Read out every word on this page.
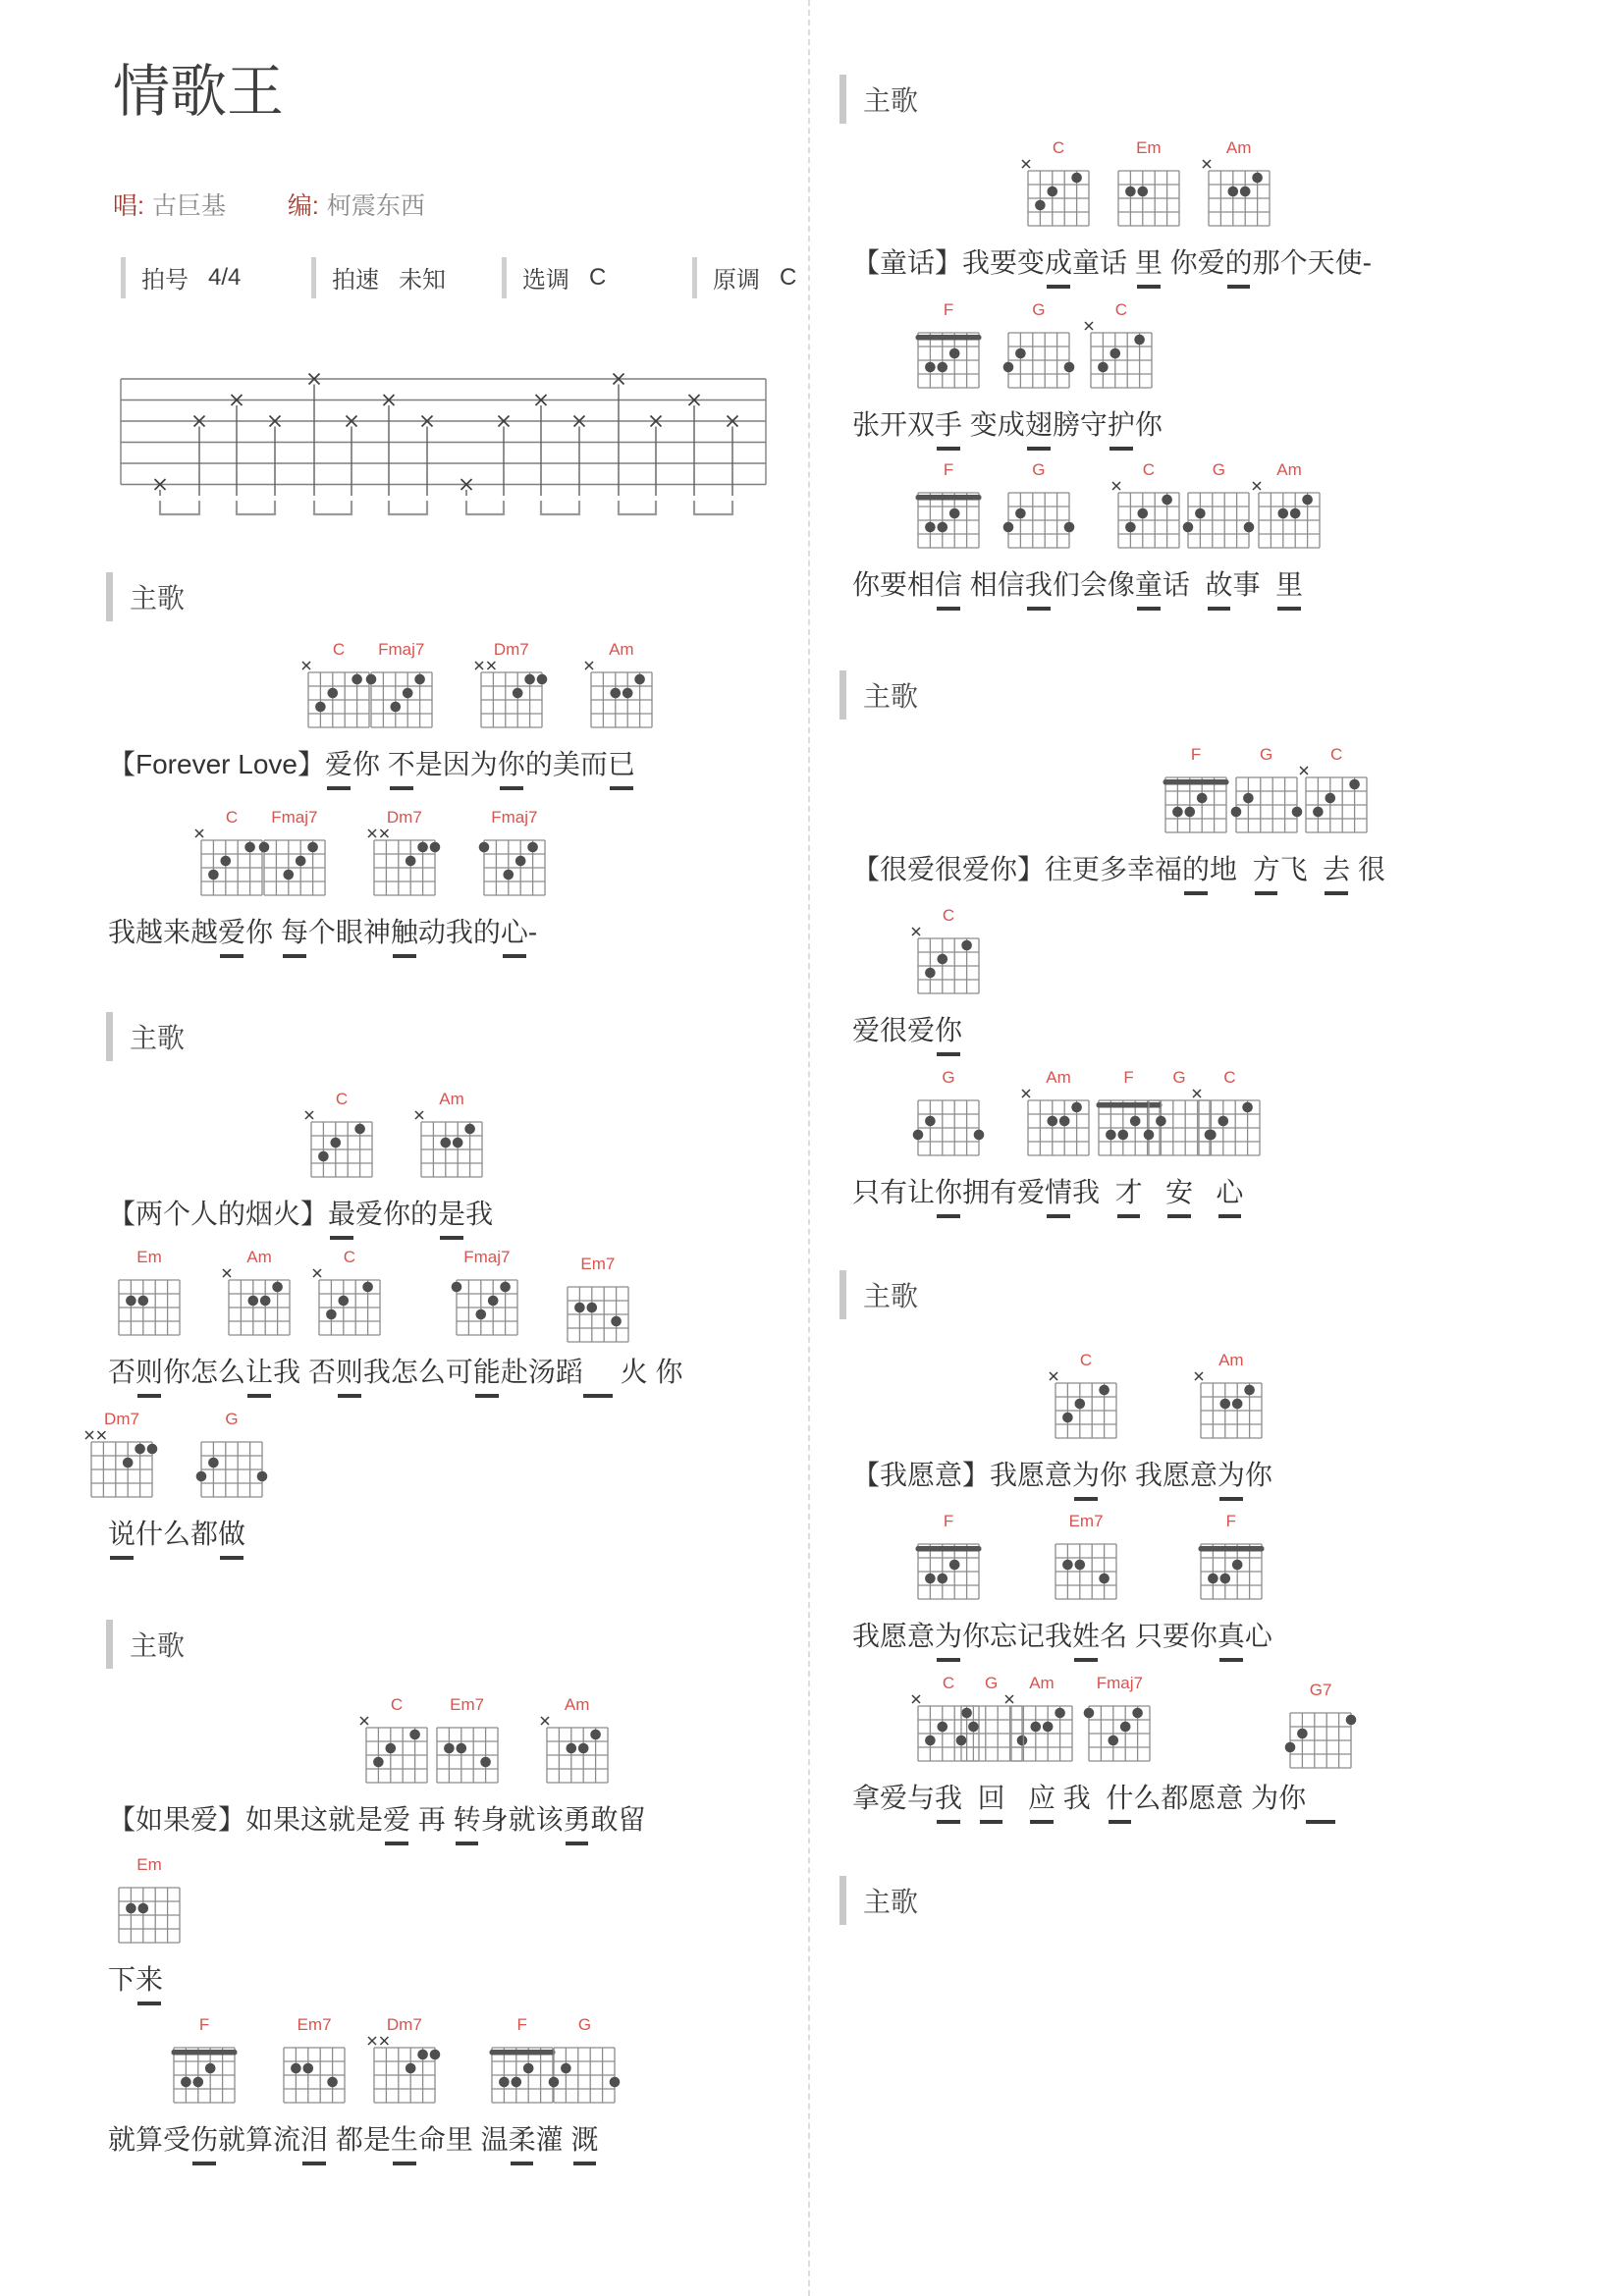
情歌王
唱: 古巨基	编: 柯震东西
拍号 4/4	拍速 未知	选调 C	原调 C
主歌
【Forever Love】
C
爱你
Fmaj7
不是因为
Dm7
你的美而
Am
已
我越来越
C
爱你
Fmaj7
每个眼神
Dm7
触动我的
Fmaj7
心-
主歌
【两个人的烟火】
C
最爱你的
Am
是我
否
Em
则你怎么
Am
让我 否
C
则我怎么可
Fmaj7
能赴汤蹈
Em7
火 你
Dm7
说什么都
G
做
主歌
【如果爱】如果这就是
C
爱 再
Em7
转身就该
Am
勇敢留
下
Em
来
就算受
F
伤就算流
Em7
泪 都是
Dm7
生命里 温
F
柔灌
G
溉
主歌
【童话】我要变
C
成童话
Em
里 你爱
Am
的那个天使-
张开双
F
手 变成
G
翅膀守
C
护你
你要相
F
信 相信
G
我们会像
C
童话
G
故事
Am
里
主歌
【很爱很爱你】往更多幸福
F
的地
G
方飞
C
去 很
爱很爱
C
你
只有让
G
你拥有爱
Am
情我
F
才
G
安
C
心
主歌
【我愿意】我愿意
C
为你 我愿意
Am
为你
我愿意
F
为你忘记我
Em7
姓名 只要你
F
真心
拿爱与
C
我
G
回
Am
应 我
Fmaj7
什么都愿意 为你
G7
主歌
